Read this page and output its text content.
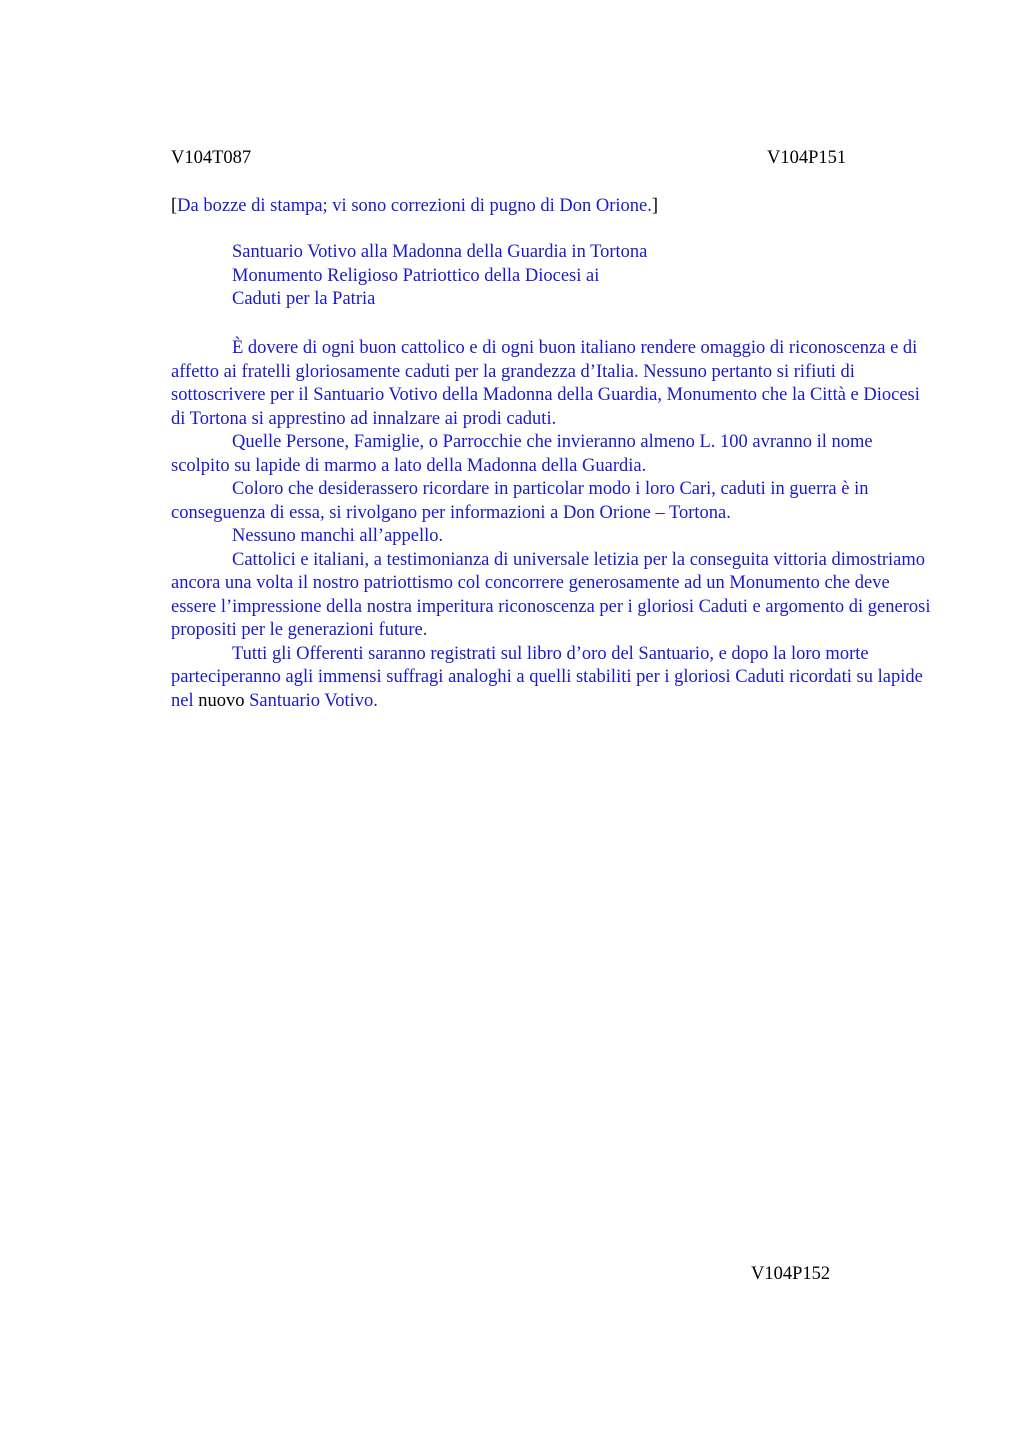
V104T087	V104P151
[Da bozze di stampa; vi sono correzioni di pugno di Don Orione.]
Santuario Votivo alla Madonna della Guardia in Tortona
Monumento Religioso Patriottico della Diocesi ai
Caduti per la Patria

È dovere di ogni buon cattolico e di ogni buon italiano rendere omaggio di riconoscenza e di affetto ai fratelli gloriosamente caduti per la grandezza d’Italia. Nessuno pertanto si rifiuti di sottoscrivere per il Santuario Votivo della Madonna della Guardia, Monumento che la Città e Diocesi di Tortona si apprestino ad innalzare ai prodi caduti.

Quelle Persone, Famiglie, o Parrocchie che invieranno almeno L. 100 avranno il nome scolpito su lapide di marmo a lato della Madonna della Guardia.

Coloro che desiderassero ricordare in particolar modo i loro Cari, caduti in guerra è in conseguenza di essa, si rivolgano per informazioni a Don Orione – Tortona.

Nessuno manchi all’appello.

Cattolici e italiani, a testimonianza di universale letizia per la conseguita vittoria dimostriamo ancora una volta il nostro patriottismo col concorrere generosamente ad un Monumento che deve essere l’impressione della nostra imperitura riconoscenza per i gloriosi Caduti e argomento di generosi propositi per le generazioni future.

Tutti gli Offerenti saranno registrati sul libro d’oro del Santuario, e dopo la loro morte parteciperanno agli immensi suffragi analoghi a quelli stabiliti per i gloriosi Caduti ricordati su lapide nel nuovo Santuario Votivo.

V104P152
